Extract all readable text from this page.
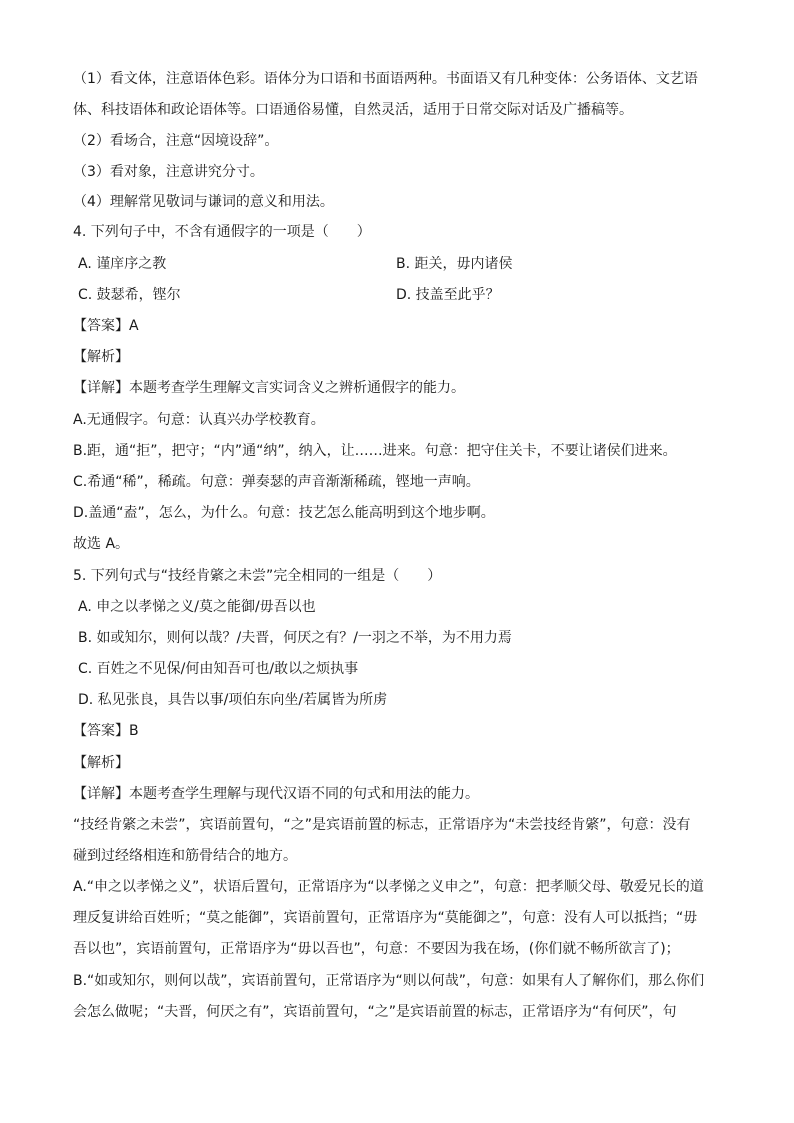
（1）看文体，注意语体色彩。语体分为口语和书面语两种。书面语又有几种变体：公务语体、文艺语
体、科技语体和政论语体等。口语通俗易懂，自然灵活，适用于日常交际对话及广播稿等。
（2）看场合，注意“因境设辞”。
（3）看对象，注意讲究分寸。
（4）理解常见敬词与谦词的意义和用法。
4. 下列句子中，不含有通假字的一项是（　　）
A. 谨庠序之教	B. 距关，毋内诸侯
C. 鼓瑟希，铿尔	D. 技盖至此乎？
【答案】A
【解析】
【详解】本题考查学生理解文言实词含义之辨析通假字的能力。
A.无通假字。句意：认真兴办学校教育。
B.距，通“拒”，把守；“内”通“纳”，纳入，让……进来。句意：把守住关卡，不要让诸侯们进来。
C.希通“稀”，稀疏。句意：弹奏瑟的声音渐渐稀疏，铿地一声响。
D.盖通“盍”，怎么，为什么。句意：技艺怎么能高明到这个地步啊。
故选 A。
5. 下列句式与“技经肯綮之未尝”完全相同的一组是（　　）
A. 申之以孝悌之义/莫之能御/毋吾以也
B. 如或知尔，则何以哉？/夫晋，何厌之有？/一羽之不举，为不用力焉
C. 百姓之不见保/何由知吾可也/敢以之烦执事
D. 私见张良，具告以事/项伯东向坐/若属皆为所虏
【答案】B
【解析】
【详解】本题考查学生理解与现代汉语不同的句式和用法的能力。
“技经肯綮之未尝”，宾语前置句，“之”是宾语前置的标志，正常语序为“未尝技经肯綮”，句意：没有
碰到过经络相连和筋骨结合的地方。
A.“申之以孝悌之义”，状语后置句，正常语序为“以孝悌之义申之”，句意：把孝顺父母、敬爱兄长的道
理反复讲给百姓听；“莫之能御”，宾语前置句，正常语序为“莫能御之”，句意：没有人可以抵挡；“毋
吾以也”，宾语前置句，正常语序为“毋以吾也”，句意：不要因为我在场，(你们就不畅所欲言了)；
B.“如或知尔，则何以哉”，宾语前置句，正常语序为“则以何哉”，句意：如果有人了解你们，那么你们
会怎么做呢；“夫晋，何厌之有”，宾语前置句，“之”是宾语前置的标志，正常语序为“有何厌”，句
